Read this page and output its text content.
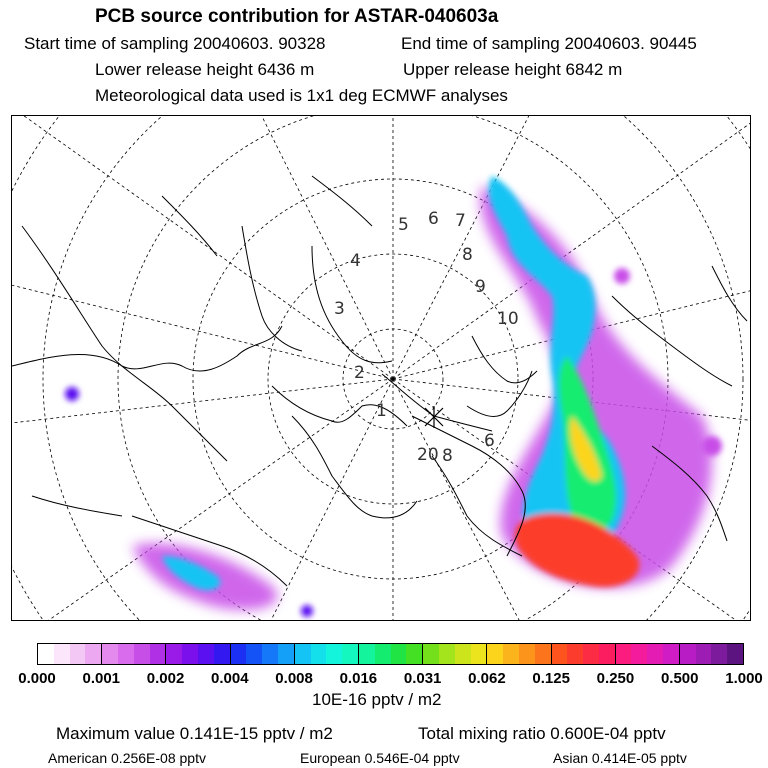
PCB source contribution for ASTAR-040603a
Start time of sampling 20040603. 90328	End time of sampling 20040603. 90445
Lower release height 6436 m	Upper release height 6842 m
Meteorological data used is 1x1 deg ECMWF analyses
1
2
3
4
5 6 7
8
9
10
6
8
20
0.000 0.001 0.002 0.004 0.008 0.016 0.031 0.062 0.125 0.250 0.500 1.000
10E-16 pptv / m2
Maximum value 0.141E-15 pptv / m2	Total mixing ratio 0.600E-04 pptv
American 0.256E-08 pptv	European 0.546E-04 pptv	Asian 0.414E-05 pptv
